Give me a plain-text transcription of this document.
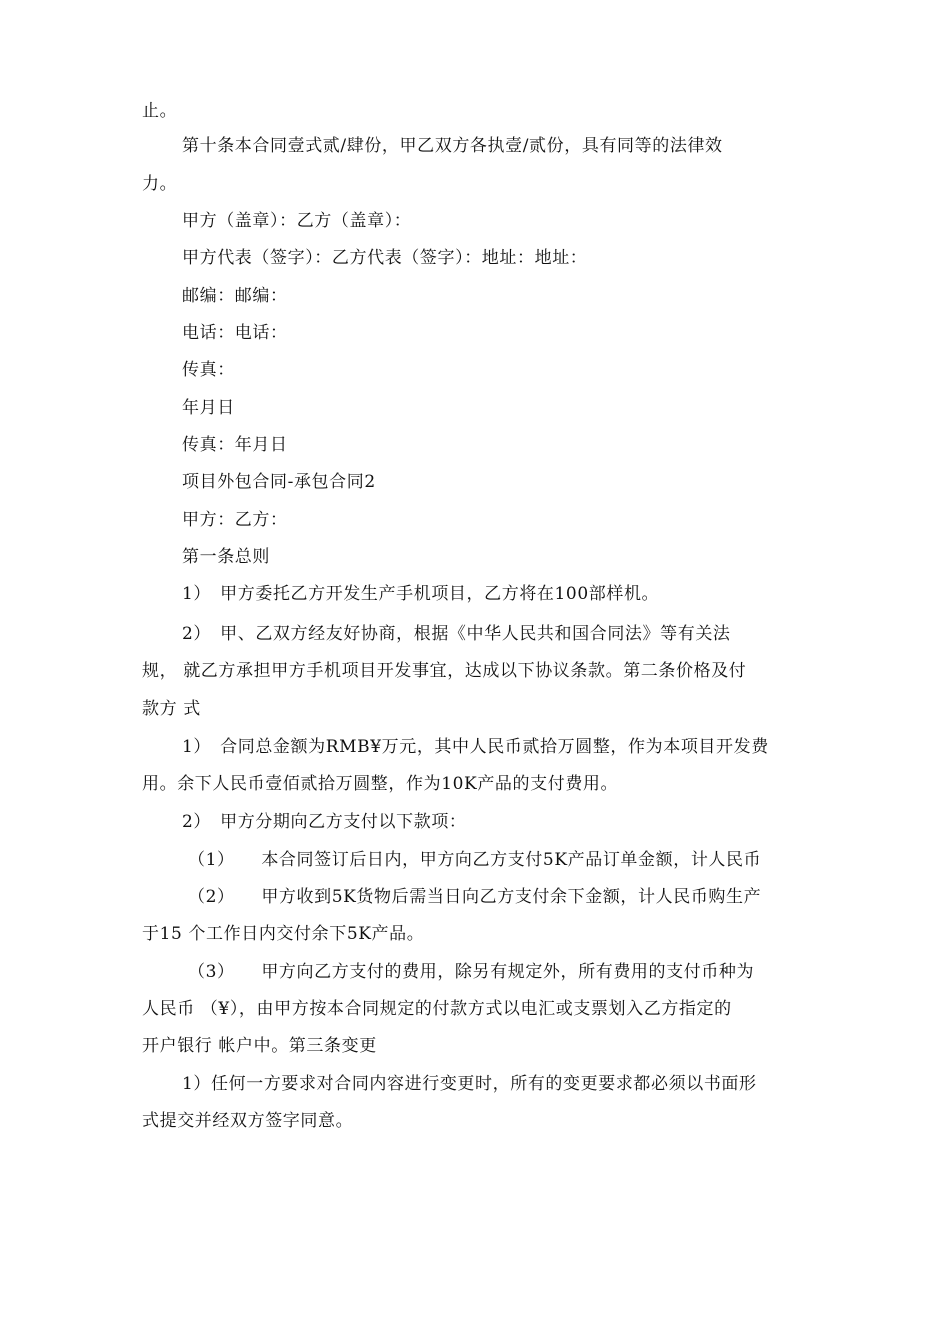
止。

第十条本合同壹式贰/肆份，甲乙双方各执壹/贰份，具有同等的法律效

力。

甲方（盖章）：乙方（盖章）：

甲方代表（签字）：乙方代表（签字）：地址：地址：

邮编：邮编：

电话：电话：

传真：

年月日

传真：年月日

项目外包合同-承包合同2

甲方：乙方：

第一条总则

1）　甲方委托乙方开发生产手机项目，乙方将在100部样机。

2）　甲、乙双方经友好协商，根据《中华人民共和国合同法》等有关法

规， 就乙方承担甲方手机项目开发事宜，达成以下协议条款。第二条价格及付

款方 式

1）　合同总金额为RMB¥万元，其中人民币贰拾万圆整，作为本项目开发费

用。余下人民币壹佰贰拾万圆整，作为10K产品的支付费用。

2）　甲方分期向乙方支付以下款项：

（1）　　本合同签订后日内，甲方向乙方支付5K产品订单金额，计人民币

（2）　　甲方收到5K货物后需当日向乙方支付余下金额，计人民币购生产

于15 个工作日内交付余下5K产品。

（3）　　甲方向乙方支付的费用，除另有规定外，所有费用的支付币种为

人民币 （¥），由甲方按本合同规定的付款方式以电汇或支票划入乙方指定的

开户银行 帐户中。第三条变更

1）任何一方要求对合同内容进行变更时，所有的变更要求都必须以书面形

式提交并经双方签字同意。
